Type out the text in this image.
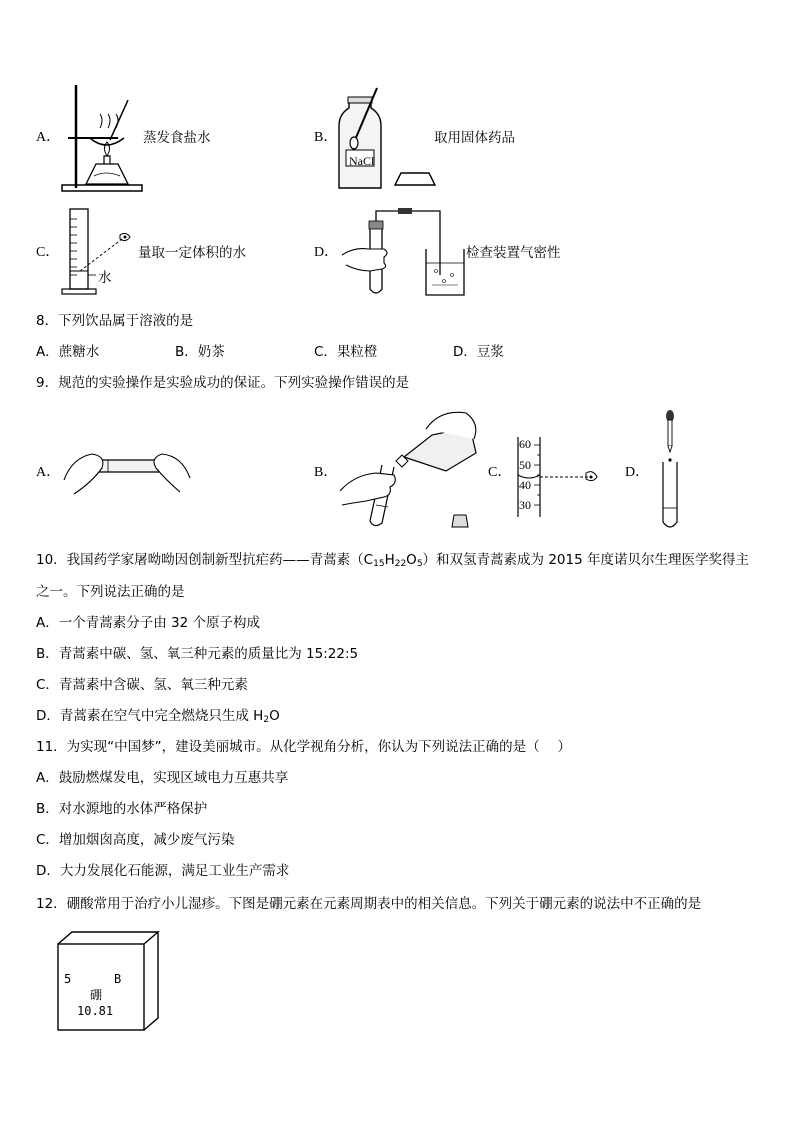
A．	蒸发食盐水	B．
NaCl
取用固体药品
C．
水
量取一定体积的水	D．	检查装置气密性
8．下列饮品属于溶液的是
A．蔗糖水	B．奶茶	C．果粒橙	D．豆浆
9．规范的实验操作是实验成功的保证。下列实验操作错误的是
A．	B．	C．
60
50
40
30
D．
10．我国药学家屠呦呦因创制新型抗疟药——青蒿素$(C_{15}H_{22}O_5)$和双氢青蒿素成为 2015 年度诺贝尔生理医学奖得主
之一。下列说法正确的是
A．一个青蒿素分子由 32 个原子构成
B．青蒿素中碳、氢、氧三种元素的质量比为 15:22:5
C．青蒿素中含碳、氢、氧三种元素
D．青蒿素在空气中完全燃烧只生成 $H_2O$
11．为实现“中国梦”，建设美丽城市。从化学视角分析，你认为下列说法正确的是（　 ）
A．鼓励燃煤发电，实现区域电力互惠共享
B．对水源地的水体严格保护
C．增加烟囱高度，减少废气污染
D．大力发展化石能源，满足工业生产需求
12．硼酸常用于治疗小儿湿疹。下图是硼元素在元素周期表中的相关信息。下列关于硼元素的说法中不正确的是
5	B
硼
10.81
